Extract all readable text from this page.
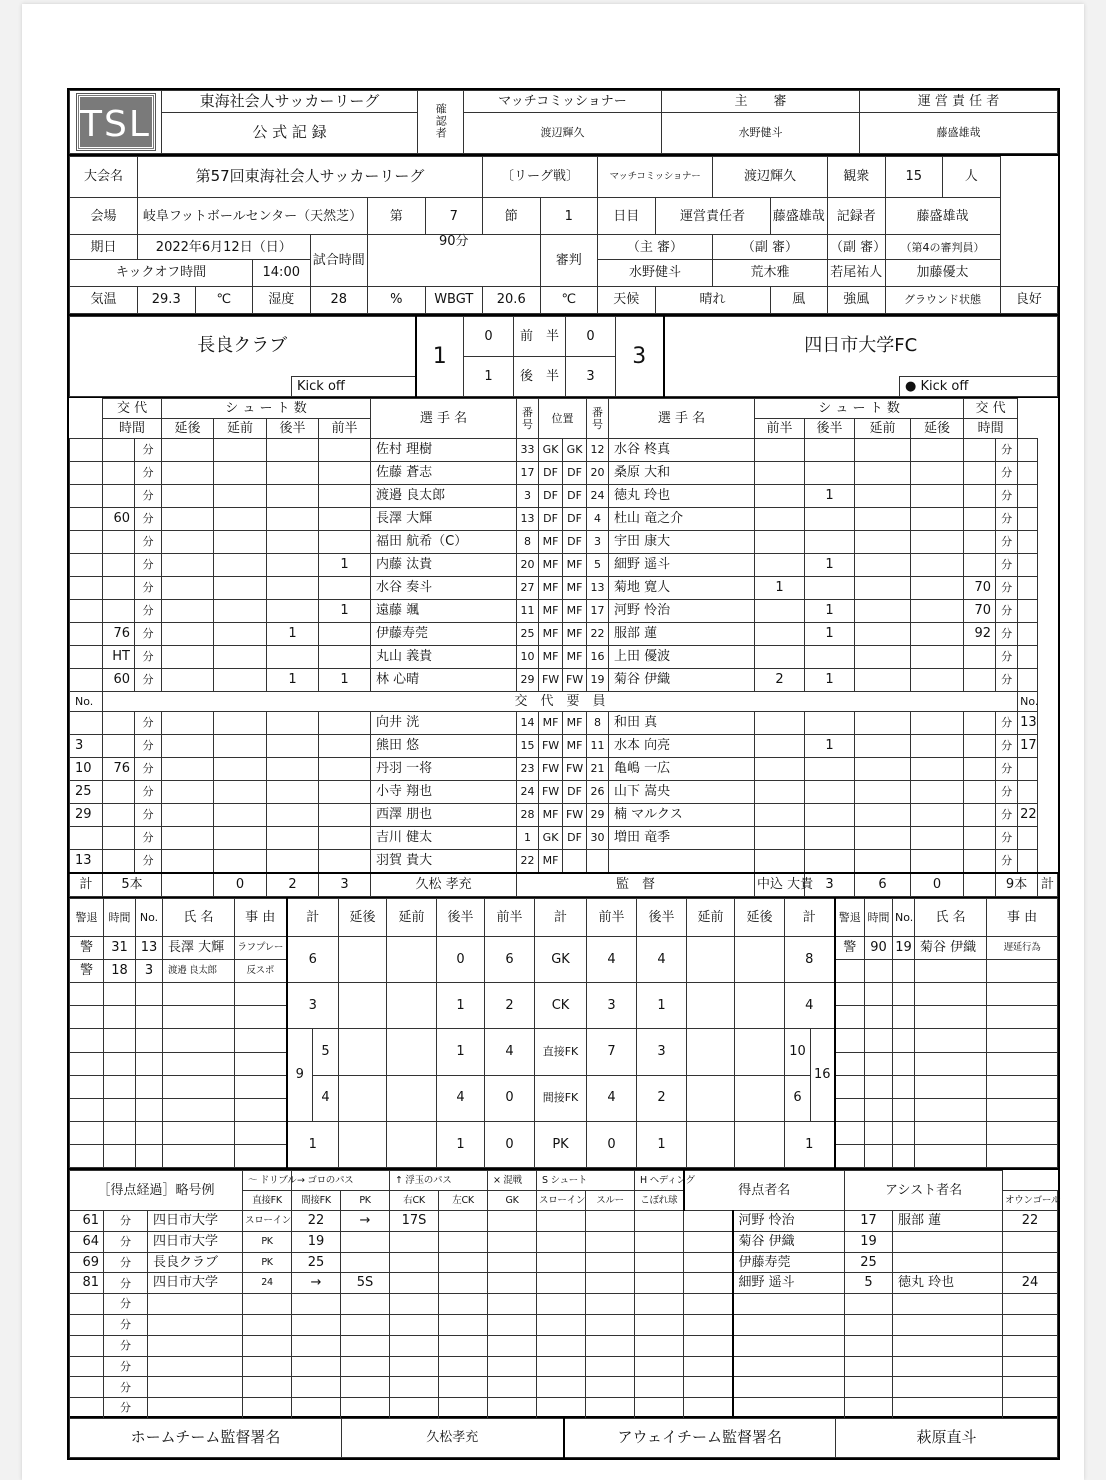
TSL	東海社会人サッカーリーグ	確認者	マッチコミッショナー	主　　審	運 営 責 任 者
	公 式 記 録		渡辺輝久	水野健斗	藤盛雄哉
大会名	第57回東海社会人サッカーリーグ						〔リーグ戦〕		マッチコミッショナー		渡辺輝久		観衆	15	人	
会場	岐阜フットボールセンター（天然芝）				第	7	節	1	日目	運営責任者		藤盛雄哉	記録者	藤盛雄哉		
期日	2022年6月12日（日）			試合時間	90分			審判	（主 審）		（副 審）		（副 審）	（第4の審判員）		
キックオフ時間			14:00						水野健斗		荒木雅		若尾祐人	加藤優太		
気温	29.3	℃	湿度	28	%	WBGT	20.6	℃	天候	晴れ		風	強風	グラウンド状態		良好
長良クラブ		1	0	前　半	0	3	四日市大学FC	
			1	後　半	3			
	Kick off							● Kick off
	交 代		シ ュ ー ト 数				選 手 名	番号	位置		番号	選 手 名	シ ュ ー ト 数				交 代			
	時間		延後	延前	後半	前半							前半	後半	延前	延後	時間			
		分					佐村 理樹	33	GK	GK	12	水谷 柊真						分		
		分					佐藤 蒼志	17	DF	DF	20	桑原 大和						分		
		分					渡邉 良太郎	3	DF	DF	24	徳丸 玲也		1				分		
	60	分					長澤 大輝	13	DF	DF	4	杜山 竜之介						分		
		分					福田 航希（C）	8	MF	DF	3	宇田 康大						分		
		分				1	内藤 汰貴	20	MF	MF	5	細野 遥斗		1				分		
		分					水谷 奏斗	27	MF	MF	13	菊地 寛人	1				70	分		
		分				1	遠藤 颯	11	MF	MF	17	河野 怜治		1			70	分		
	76	分			1		伊藤寿莞	25	MF	MF	22	服部 蓮		1			92	分		
	HT	分					丸山 義貴	10	MF	MF	16	上田 優波						分		
	60	分			1	1	林 心晴	29	FW	FW	19	菊谷 伊織	2	1				分		
No.	交　代　要　員																		No.	
		分					向井 洸	14	MF	MF	8	和田 真						分	13	
3		分					熊田 悠	15	FW	MF	11	水本 向亮		1				分	17	
10	76	分					丹羽 一将	23	FW	FW	21	亀嶋 一広						分		
25		分					小寺 翔也	24	FW	DF	26	山下 嵩央						分		
29		分					西澤 朋也	28	MF	FW	29	楠 マルクス						分	22	
		分					吉川 健太	1	GK	DF	30	増田 竜季						分		
13		分					羽賀 貴大	22	MF									分		
計	5本			0	2	3	久松 孝充	監　督					中込 大貴	3	6	0		9本		計
警退	時間	No.	氏 名	事 由	計		延後	延前	後半	前半	計	前半	後半	延前	延後	計		警退	時間	No.	氏 名	事 由
警	31	13	長澤 大輝	ラフプレー	6				0	6	GK	4	4			8		警	90	19	菊谷 伊織	遅延行為
警	18	3	渡邉 良太郎	反スポ																		
					3				1	2	CK	3	1			4						

					9	5			1	4	直接FK	7	3			10	16					

						4			4	0	間接FK	4	2			6						

					1				1	0	PK	0	1			1						

［得点経過］略号例			〜 ドリブル	→ ゴロのパス		↑ 浮玉のパス		× 混戦	S シュート		H ヘディング	得点者名		アシスト者名		
			直接FK	間接FK	PK	右CK	左CK	GK	スローイン	スルー	こぼれ球					オウンゴール
61	分	四日市大学	スローイン	22	→	17S							河野 怜治	17	服部 蓮	22
64	分	四日市大学	PK	19									菊谷 伊織	19		
69	分	長良クラブ	PK	25									伊藤寿莞	25		
81	分	四日市大学	24	→	5S								細野 遥斗	5	徳丸 玲也	24
	分															
	分															
	分															
	分															
	分															
	分															
ホームチーム監督署名	久松孝充	アウェイチーム監督署名	萩原直斗
